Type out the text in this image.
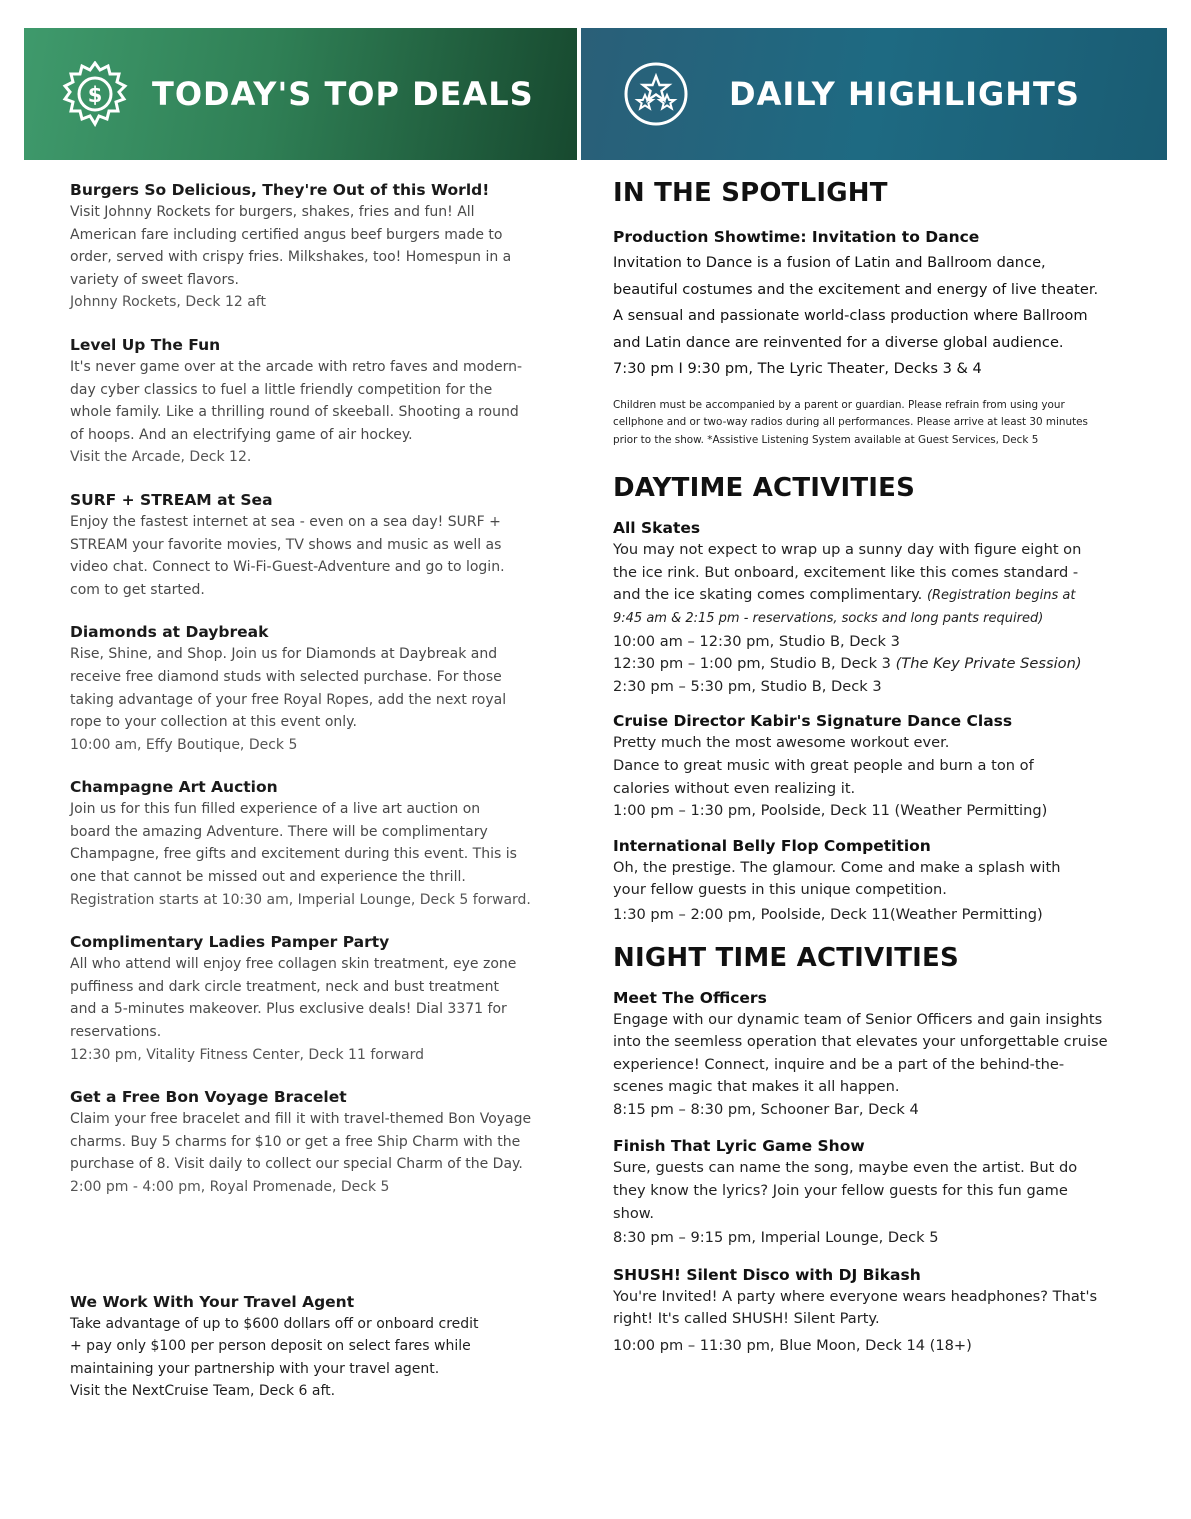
$ TODAY'S TOP DEALS	DAILY HIGHLIGHTS
Burgers So Delicious, They're Out of this World!
Visit Johnny Rockets for burgers, shakes, fries and fun! All
American fare including certified angus beef burgers made to
order, served with crispy fries. Milkshakes, too! Homespun in a
variety of sweet flavors.
Johnny Rockets, Deck 12 aft
Level Up The Fun
It's never game over at the arcade with retro faves and modern-
day cyber classics to fuel a little friendly competition for the
whole family. Like a thrilling round of skeeball. Shooting a round
of hoops. And an electrifying game of air hockey.
Visit the Arcade, Deck 12.
SURF + STREAM at Sea
Enjoy the fastest internet at sea - even on a sea day! SURF +
STREAM your favorite movies, TV shows and music as well as
video chat. Connect to Wi-Fi-Guest-Adventure and go to login.
com to get started.
Diamonds at Daybreak
Rise, Shine, and Shop. Join us for Diamonds at Daybreak and
receive free diamond studs with selected purchase. For those
taking advantage of your free Royal Ropes, add the next royal
rope to your collection at this event only.
10:00 am, Effy Boutique, Deck 5
Champagne Art Auction
Join us for this fun filled experience of a live art auction on
board the amazing Adventure. There will be complimentary
Champagne, free gifts and excitement during this event. This is
one that cannot be missed out and experience the thrill.
Registration starts at 10:30 am, Imperial Lounge, Deck 5 forward.
Complimentary Ladies Pamper Party
All who attend will enjoy free collagen skin treatment, eye zone
puffiness and dark circle treatment, neck and bust treatment
and a 5-minutes makeover. Plus exclusive deals! Dial 3371 for
reservations.
12:30 pm, Vitality Fitness Center, Deck 11 forward
Get a Free Bon Voyage Bracelet
Claim your free bracelet and fill it with travel-themed Bon Voyage
charms. Buy 5 charms for $10 or get a free Ship Charm with the
purchase of 8. Visit daily to collect our special Charm of the Day.
2:00 pm - 4:00 pm, Royal Promenade, Deck 5
We Work With Your Travel Agent
Take advantage of up to $600 dollars off or onboard credit
+ pay only $100 per person deposit on select fares while
maintaining your partnership with your travel agent.
Visit the NextCruise Team, Deck 6 aft.
IN THE SPOTLIGHT
Production Showtime: Invitation to Dance
Invitation to Dance is a fusion of Latin and Ballroom dance,
beautiful costumes and the excitement and energy of live theater.
A sensual and passionate world-class production where Ballroom
and Latin dance are reinvented for a diverse global audience.
7:30 pm I 9:30 pm, The Lyric Theater, Decks 3 & 4
Children must be accompanied by a parent or guardian. Please refrain from using your
cellphone and or two-way radios during all performances. Please arrive at least 30 minutes
prior to the show. *Assistive Listening System available at Guest Services, Deck 5
DAYTIME ACTIVITIES
All Skates
You may not expect to wrap up a sunny day with figure eight on
the ice rink. But onboard, excitement like this comes standard -
and the ice skating comes complimentary. (Registration begins at
9:45 am & 2:15 pm - reservations, socks and long pants required)
10:00 am – 12:30 pm, Studio B, Deck 3
12:30 pm – 1:00 pm, Studio B, Deck 3 (The Key Private Session)
2:30 pm – 5:30 pm, Studio B, Deck 3
Cruise Director Kabir's Signature Dance Class
Pretty much the most awesome workout ever.
Dance to great music with great people and burn a ton of
calories without even realizing it.
1:00 pm – 1:30 pm, Poolside, Deck 11 (Weather Permitting)
International Belly Flop Competition
Oh, the prestige. The glamour. Come and make a splash with
your fellow guests in this unique competition.
1:30 pm – 2:00 pm, Poolside, Deck 11(Weather Permitting)
NIGHT TIME ACTIVITIES
Meet The Officers
Engage with our dynamic team of Senior Officers and gain insights
into the seemless operation that elevates your unforgettable cruise
experience! Connect, inquire and be a part of the behind-the-
scenes magic that makes it all happen.
8:15 pm – 8:30 pm, Schooner Bar, Deck 4
Finish That Lyric Game Show
Sure, guests can name the song, maybe even the artist. But do
they know the lyrics? Join your fellow guests for this fun game
show.
8:30 pm – 9:15 pm, Imperial Lounge, Deck 5
SHUSH! Silent Disco with DJ Bikash
You're Invited! A party where everyone wears headphones? That's
right! It's called SHUSH! Silent Party.
10:00 pm – 11:30 pm, Blue Moon, Deck 14 (18+)
